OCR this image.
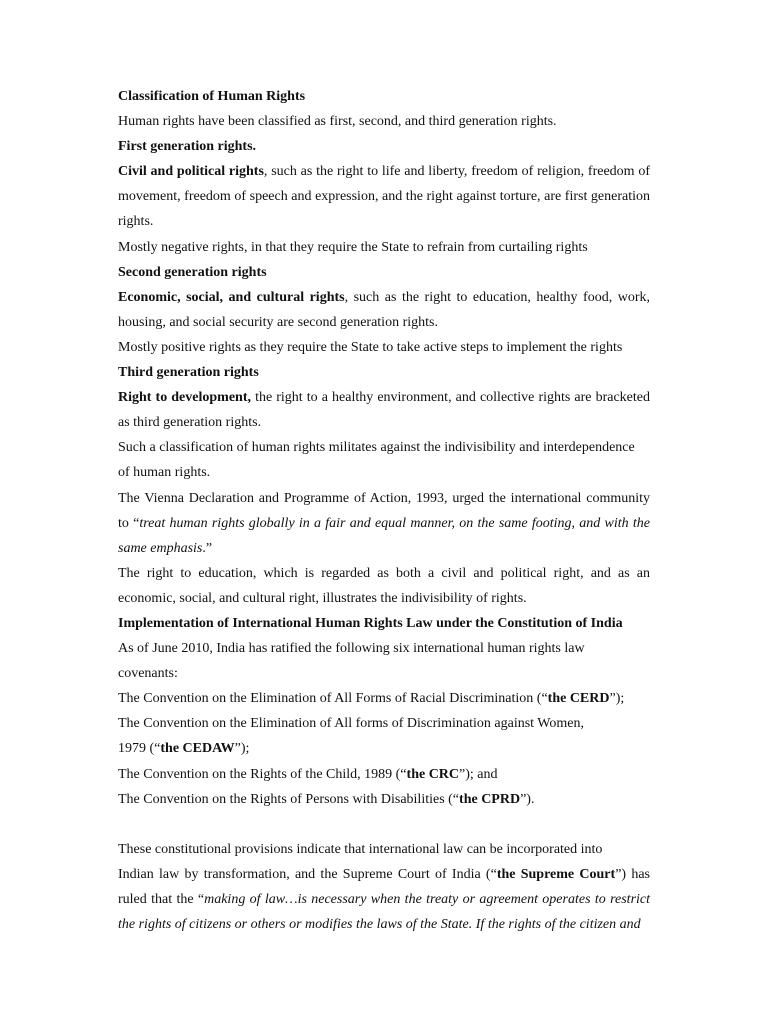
Classification of Human Rights

Human rights have been classified as first, second, and third generation rights.

First generation rights.

Civil and political rights, such as the right to life and liberty, freedom of religion, freedom of movement, freedom of speech and expression, and the right against torture, are first generation rights.

Mostly negative rights, in that they require the State to refrain from curtailing rights

Second generation rights

Economic, social, and cultural rights, such as the right to education, healthy food, work, housing, and social security are second generation rights.

Mostly positive rights as they require the State to take active steps to implement the rights

Third generation rights

Right to development, the right to a healthy environment, and collective rights are bracketed as third generation rights.

Such a classification of human rights militates against the indivisibility and interdependence

of human rights.

The Vienna Declaration and Programme of Action, 1993, urged the international community to “treat human rights globally in a fair and equal manner, on the same footing, and with the same emphasis.”

The right to education, which is regarded as both a civil and political right, and as an economic, social, and cultural right, illustrates the indivisibility of rights.

Implementation of International Human Rights Law under the Constitution of India

As of June 2010, India has ratified the following six international human rights law

covenants:

The Convention on the Elimination of All Forms of Racial Discrimination (“the CERD”);

The Convention on the Elimination of All forms of Discrimination against Women,

1979 (“the CEDAW”);

The Convention on the Rights of the Child, 1989 (“the CRC”); and

The Convention on the Rights of Persons with Disabilities (“the CPRD”).

These constitutional provisions indicate that international law can be incorporated into

Indian law by transformation, and the Supreme Court of India (“the Supreme Court”) has ruled that the “making of law…is necessary when the treaty or agreement operates to restrict the rights of citizens or others or modifies the laws of the State. If the rights of the citizen and
